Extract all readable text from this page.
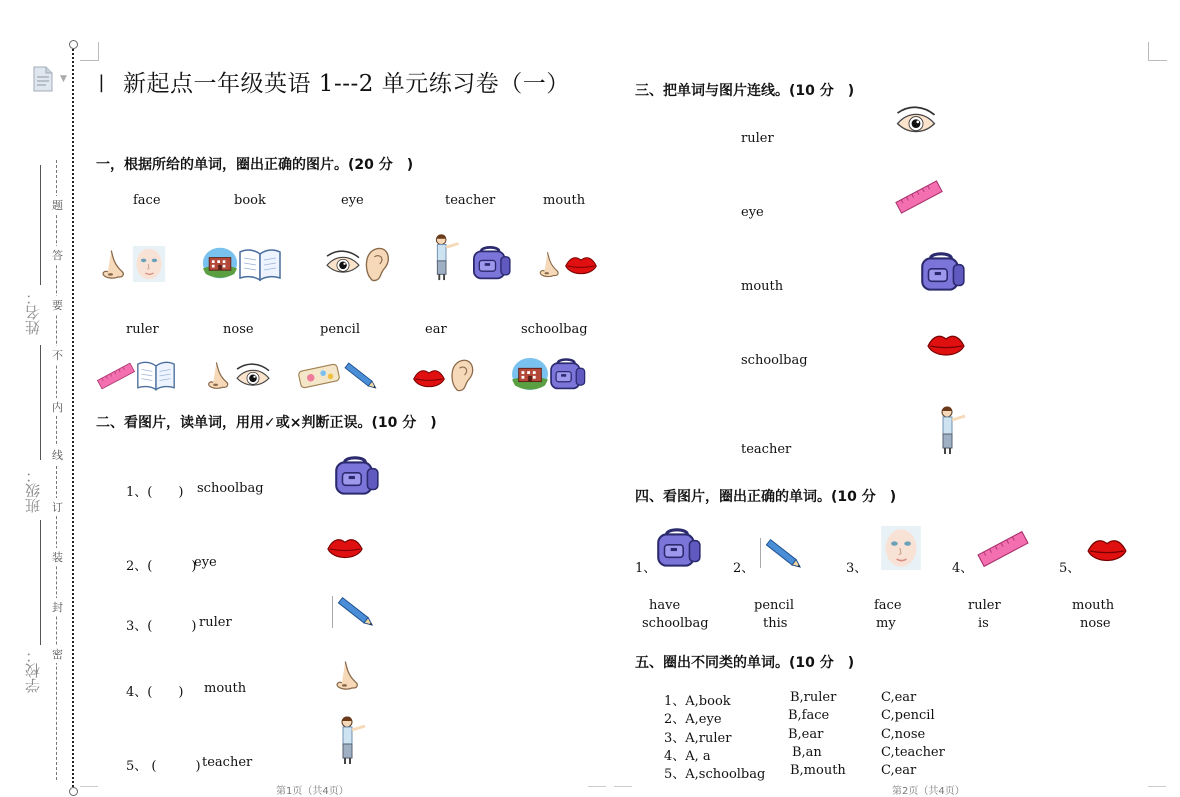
▼
姓名：
班级：
学校：
题
答
要
不
内
线
订
装
封
密
| 新起点一年级英语 1---2 单元练习卷（一）
一，根据所给的单词，圈出正确的图片。(20 分　)
face	book	eye	teacher	mouth
ruler	nose	pencil	ear	schoolbag
二、看图片，读单词，用用✓或×判断正误。(10 分　)
1、(　　) schoolbag
2、(　　　)
eye
3、(　　　) ruler
4、(　　) mouth
5、 (　　　) teacher
三、把单词与图片连线。(10 分　)
ruler
eye
mouth
schoolbag
teacher
四、看图片，圈出正确的单词。(10 分　)
1、	2、	3、	4、	5、
have	pencil	face	ruler	mouth
schoolbag	this	my	is	nose
五、圈出不同类的单词。(10 分　)
1、A,book	B,ruler	C,ear
2、A,eye	B,face	C,pencil
3、A,ruler	B,ear	C,nose
4、A, a	B,an	C,teacher
5、A,schoolbag B,mouth	C,ear
第1页（共4页）	第2页（共4页）
